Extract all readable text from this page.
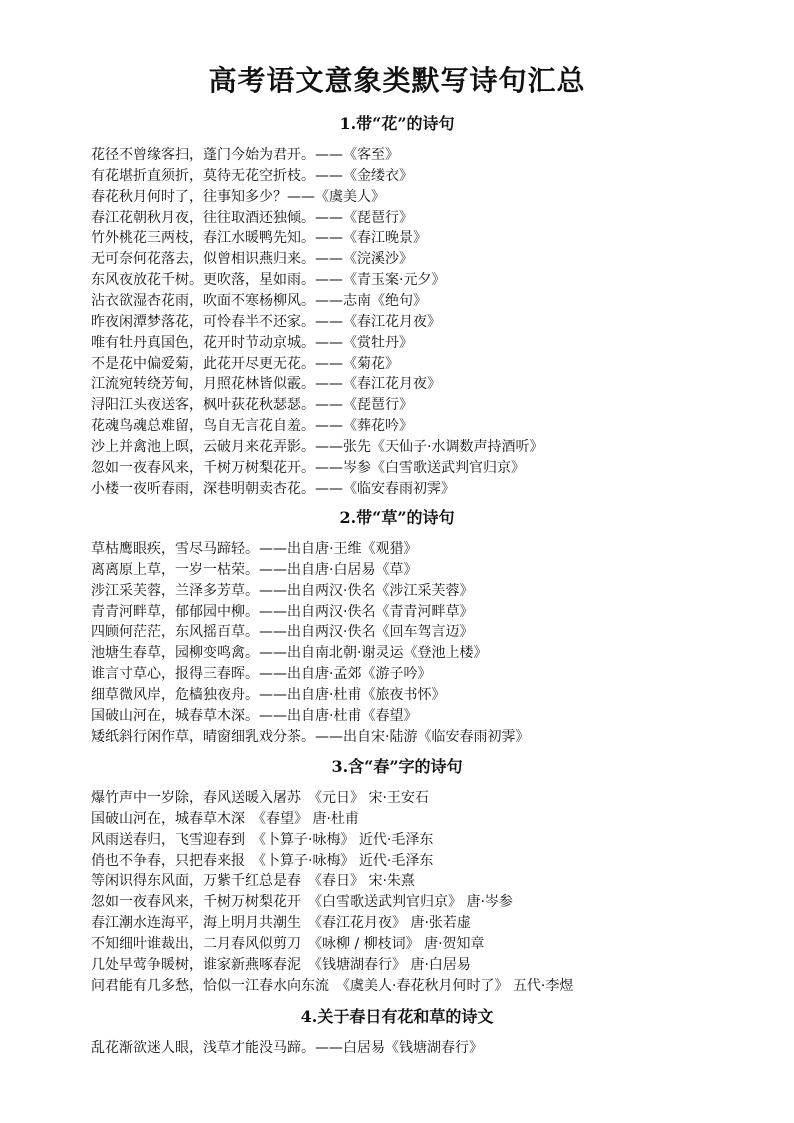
高考语文意象类默写诗句汇总
1.带“花”的诗句
花径不曾缘客扫，蓬门今始为君开。——《客至》
有花堪折直须折，莫待无花空折枝。——《金缕衣》
春花秋月何时了，往事知多少？——《虞美人》
春江花朝秋月夜，往往取酒还独倾。——《琵琶行》
竹外桃花三两枝，春江水暖鸭先知。——《春江晚景》
无可奈何花落去，似曾相识燕归来。——《浣溪沙》
东风夜放花千树。更吹落，星如雨。——《青玉案·元夕》
沾衣欲湿杏花雨，吹面不寒杨柳风。——志南《绝句》
昨夜闲潭梦落花，可怜春半不还家。——《春江花月夜》
唯有牡丹真国色，花开时节动京城。——《赏牡丹》
不是花中偏爱菊，此花开尽更无花。——《菊花》
江流宛转绕芳甸，月照花林皆似霰。——《春江花月夜》
浔阳江头夜送客，枫叶荻花秋瑟瑟。——《琵琶行》
花魂鸟魂总难留，鸟自无言花自羞。——《葬花吟》
沙上并禽池上暝，云破月来花弄影。——张先《天仙子·水调数声持酒听》
忽如一夜春风来，千树万树梨花开。——岑参《白雪歌送武判官归京》
小楼一夜听春雨，深巷明朝卖杏花。——《临安春雨初霁》
2.带“草”的诗句
草枯鹰眼疾，雪尽马蹄轻。——出自唐·王维《观猎》
离离原上草，一岁一枯荣。——出自唐·白居易《草》
涉江采芙蓉，兰泽多芳草。——出自两汉·佚名《涉江采芙蓉》
青青河畔草，郁郁园中柳。——出自两汉·佚名《青青河畔草》
四顾何茫茫，东风摇百草。——出自两汉·佚名《回车驾言迈》
池塘生春草，园柳变鸣禽。——出自南北朝·谢灵运《登池上楼》
谁言寸草心，报得三春晖。——出自唐·孟郊《游子吟》
细草微风岸，危樯独夜舟。——出自唐·杜甫《旅夜书怀》
国破山河在，城春草木深。——出自唐·杜甫《春望》
矮纸斜行闲作草，晴窗细乳戏分茶。——出自宋·陆游《临安春雨初霁》
3.含“春”字的诗句
爆竹声中一岁除，春风送暖入屠苏　《元日》 宋·王安石
国破山河在，城春草木深　《春望》 唐·杜甫
风雨送春归，飞雪迎春到　《卜算子·咏梅》 近代·毛泽东
俏也不争春，只把春来报　《卜算子·咏梅》 近代·毛泽东
等闲识得东风面，万紫千红总是春　《春日》 宋·朱熹
忽如一夜春风来，千树万树梨花开　《白雪歌送武判官归京》 唐·岑参
春江潮水连海平，海上明月共潮生　《春江花月夜》 唐·张若虚
不知细叶谁裁出，二月春风似剪刀　《咏柳 / 柳枝词》 唐·贺知章
几处早莺争暖树，谁家新燕啄春泥　《钱塘湖春行》 唐·白居易
问君能有几多愁，恰似一江春水向东流　《虞美人·春花秋月何时了》 五代·李煜
4.关于春日有花和草的诗文
乱花渐欲迷人眼，浅草才能没马蹄。——白居易《钱塘湖春行》
